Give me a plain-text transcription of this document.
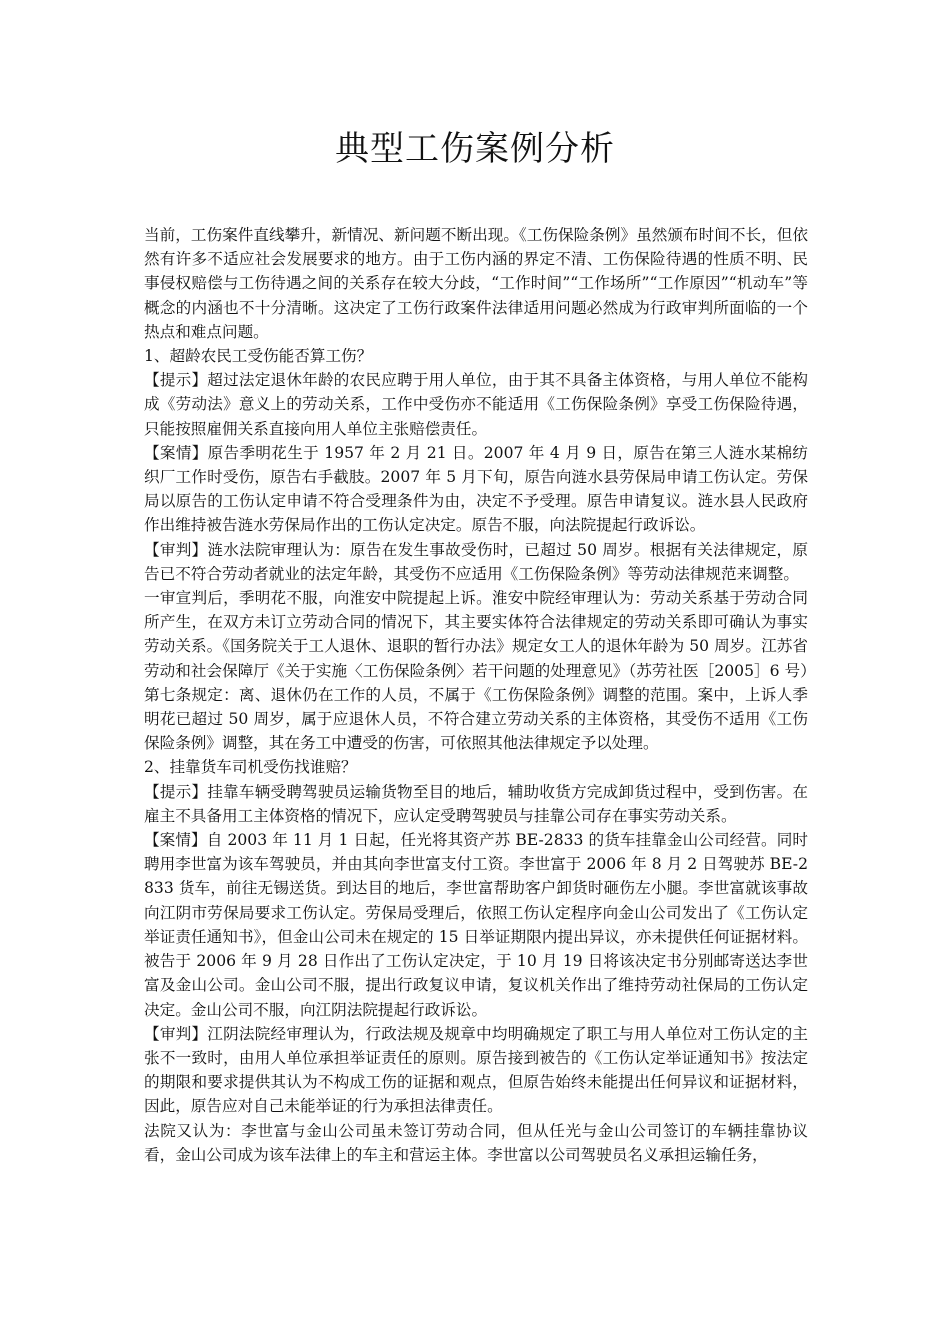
典型工伤案例分析

当前，工伤案件直线攀升，新情况、新问题不断出现。《工伤保险条例》虽然颁布时间不长，但依然有许多不适应社会发展要求的地方。由于工伤内涵的界定不清、工伤保险待遇的性质不明、民事侵权赔偿与工伤待遇之间的关系存在较大分歧，“工作时间”“工作场所”“工作原因”“机动车”等概念的内涵也不十分清晰。这决定了工伤行政案件法律适用问题必然成为行政审判所面临的一个热点和难点问题。

1、超龄农民工受伤能否算工伤？

【提示】超过法定退休年龄的农民应聘于用人单位，由于其不具备主体资格，与用人单位不能构成《劳动法》意义上的劳动关系，工作中受伤亦不能适用《工伤保险条例》享受工伤保险待遇，只能按照雇佣关系直接向用人单位主张赔偿责任。

【案情】原告季明花生于 1957 年 2 月 21 日。2007 年 4 月 9 日，原告在第三人涟水某棉纺织厂工作时受伤，原告右手截肢。2007 年 5 月下旬，原告向涟水县劳保局申请工伤认定。劳保局以原告的工伤认定申请不符合受理条件为由，决定不予受理。原告申请复议。涟水县人民政府作出维持被告涟水劳保局作出的工伤认定决定。原告不服，向法院提起行政诉讼。

【审判】涟水法院审理认为：原告在发生事故受伤时，已超过 50 周岁。根据有关法律规定，原告已不符合劳动者就业的法定年龄，其受伤不应适用《工伤保险条例》等劳动法律规范来调整。

一审宣判后，季明花不服，向淮安中院提起上诉。淮安中院经审理认为：劳动关系基于劳动合同所产生，在双方未订立劳动合同的情况下，其主要实体符合法律规定的劳动关系即可确认为事实劳动关系。《国务院关于工人退休、退职的暂行办法》规定女工人的退休年龄为 50 周岁。江苏省劳动和社会保障厅《关于实施〈工伤保险条例〉若干问题的处理意见》（苏劳社医［2005］6 号）第七条规定：离、退休仍在工作的人员，不属于《工伤保险条例》调整的范围。案中，上诉人季明花已超过 50 周岁，属于应退休人员，不符合建立劳动关系的主体资格，其受伤不适用《工伤保险条例》调整，其在务工中遭受的伤害，可依照其他法律规定予以处理。

2、挂靠货车司机受伤找谁赔？

【提示】挂靠车辆受聘驾驶员运输货物至目的地后，辅助收货方完成卸货过程中，受到伤害。在雇主不具备用工主体资格的情况下，应认定受聘驾驶员与挂靠公司存在事实劳动关系。

【案情】自 2003 年 11 月 1 日起，任光将其资产苏 BE-2833 的货车挂靠金山公司经营。同时聘用李世富为该车驾驶员，并由其向李世富支付工资。李世富于 2006 年 8 月 2 日驾驶苏 BE-2833 货车，前往无锡送货。到达目的地后，李世富帮助客户卸货时砸伤左小腿。李世富就该事故向江阴市劳保局要求工伤认定。劳保局受理后，依照工伤认定程序向金山公司发出了《工伤认定举证责任通知书》，但金山公司未在规定的 15 日举证期限内提出异议，亦未提供任何证据材料。被告于 2006 年 9 月 28 日作出了工伤认定决定，于 10 月 19 日将该决定书分别邮寄送达李世富及金山公司。金山公司不服，提出行政复议申请，复议机关作出了维持劳动社保局的工伤认定决定。金山公司不服，向江阴法院提起行政诉讼。

【审判】江阴法院经审理认为，行政法规及规章中均明确规定了职工与用人单位对工伤认定的主张不一致时，由用人单位承担举证责任的原则。原告接到被告的《工伤认定举证通知书》按法定的期限和要求提供其认为不构成工伤的证据和观点，但原告始终未能提出任何异议和证据材料，因此，原告应对自己未能举证的行为承担法律责任。

法院又认为：李世富与金山公司虽未签订劳动合同，但从任光与金山公司签订的车辆挂靠协议看，金山公司成为该车法律上的车主和营运主体。李世富以公司驾驶员名义承担运输任务，
